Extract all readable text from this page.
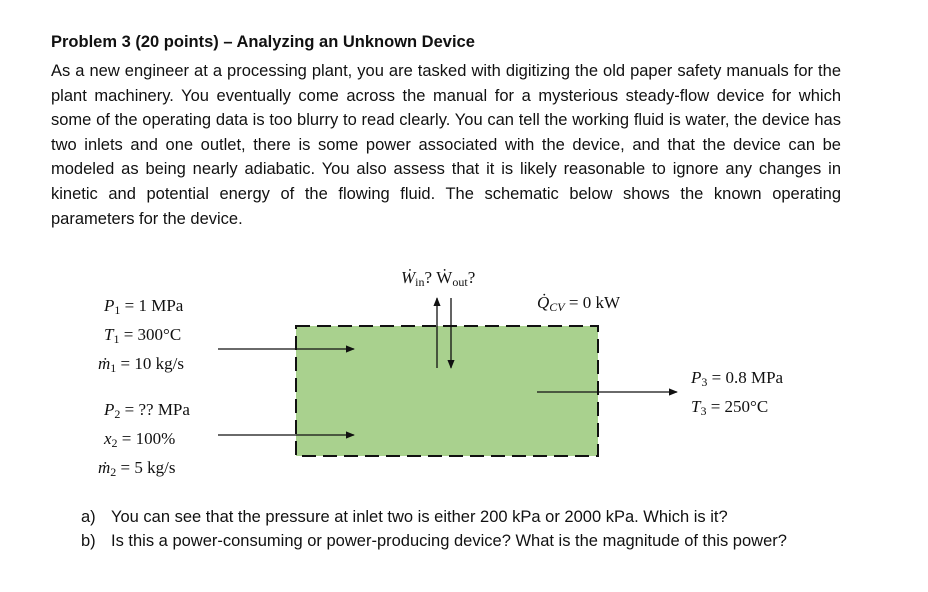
Problem 3 (20 points) – Analyzing an Unknown Device
As a new engineer at a processing plant, you are tasked with digitizing the old paper safety manuals for the plant machinery. You eventually come across the manual for a mysterious steady-flow device for which some of the operating data is too blurry to read clearly. You can tell the working fluid is water, the device has two inlets and one outlet, there is some power associated with the device, and that the device can be modeled as being nearly adiabatic. You also assess that it is likely reasonable to ignore any changes in kinetic and potential energy of the flowing fluid. The schematic below shows the known operating parameters for the device.
Ẇ$_{in}$? Ẇ$_{out}$?
$Q̇_{CV} = 0$ kW
$P_1 = 1$ MPa
$T_1 = 300^\circ C$
ṁ$_1$ = 10 kg/s
$P_2$ = ?? MPa
$x_2 = 100\%$
ṁ$_2$ = 5 kg/s
$P_3 = 0.8$ MPa
$T_3 = 250^\circ C$
a) You can see that the pressure at inlet two is either 200 kPa or 2000 kPa. Which is it?
b) Is this a power-consuming or power-producing device? What is the magnitude of this power?
